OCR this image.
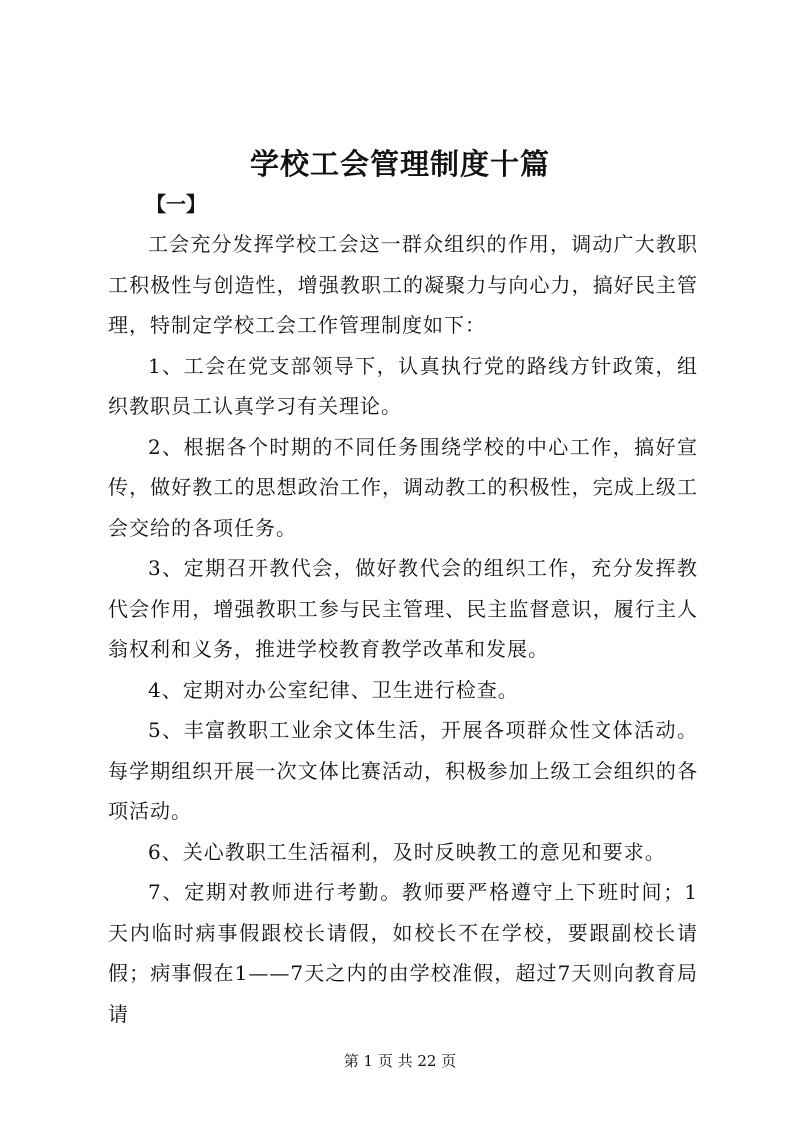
学校工会管理制度十篇
【一】

工会充分发挥学校工会这一群众组织的作用，调动广大教职工积极性与创造性，增强教职工的凝聚力与向心力，搞好民主管理，特制定学校工会工作管理制度如下：

1、工会在党支部领导下，认真执行党的路线方针政策，组织教职员工认真学习有关理论。

2、根据各个时期的不同任务围绕学校的中心工作，搞好宣传，做好教工的思想政治工作，调动教工的积极性，完成上级工会交给的各项任务。

3、定期召开教代会，做好教代会的组织工作，充分发挥教代会作用，增强教职工参与民主管理、民主监督意识，履行主人翁权利和义务，推进学校教育教学改革和发展。

4、定期对办公室纪律、卫生进行检查。

5、丰富教职工业余文体生活，开展各项群众性文体活动。每学期组织开展一次文体比赛活动，积极参加上级工会组织的各项活动。

6、关心教职工生活福利，及时反映教工的意见和要求。

7、定期对教师进行考勤。教师要严格遵守上下班时间；1天内临时病事假跟校长请假，如校长不在学校，要跟副校长请假；病事假在1——7天之内的由学校准假，超过7天则向教育局请

第 1 页 共 22 页
